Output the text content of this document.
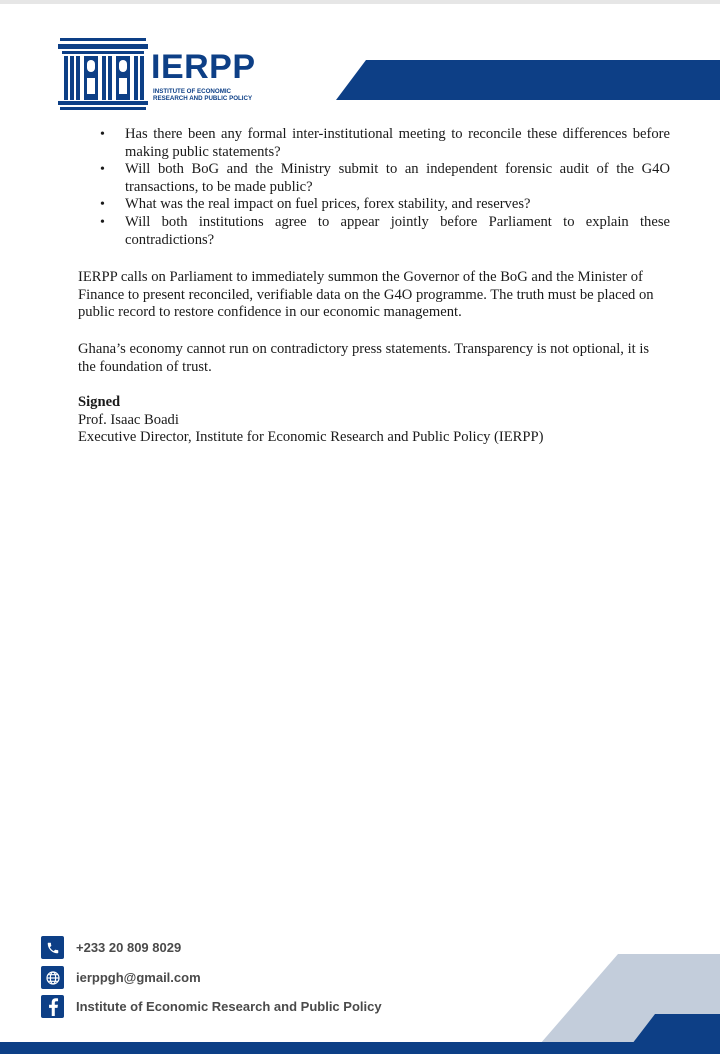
IERPP
INSTITUTE OF ECONOMIC
RESEARCH AND PUBLIC POLICY
• Has there been any formal inter-institutional meeting to reconcile these differences before making public statements?
• Will both BoG and the Ministry submit to an independent forensic audit of the G4O transactions, to be made public?
• What was the real impact on fuel prices, forex stability, and reserves?
• Will both institutions agree to appear jointly before Parliament to explain these contradictions?

IERPP calls on Parliament to immediately summon the Governor of the BoG and the Minister of Finance to present reconciled, verifiable data on the G4O programme. The truth must be placed on public record to restore confidence in our economic management.

Ghana’s economy cannot run on contradictory press statements. Transparency is not optional, it is the foundation of trust.

Signed
Prof. Isaac Boadi
Executive Director, Institute for Economic Research and Public Policy (IERPP)
+233 20 809 8029
ierppgh@gmail.com
Institute of Economic Research and Public Policy
